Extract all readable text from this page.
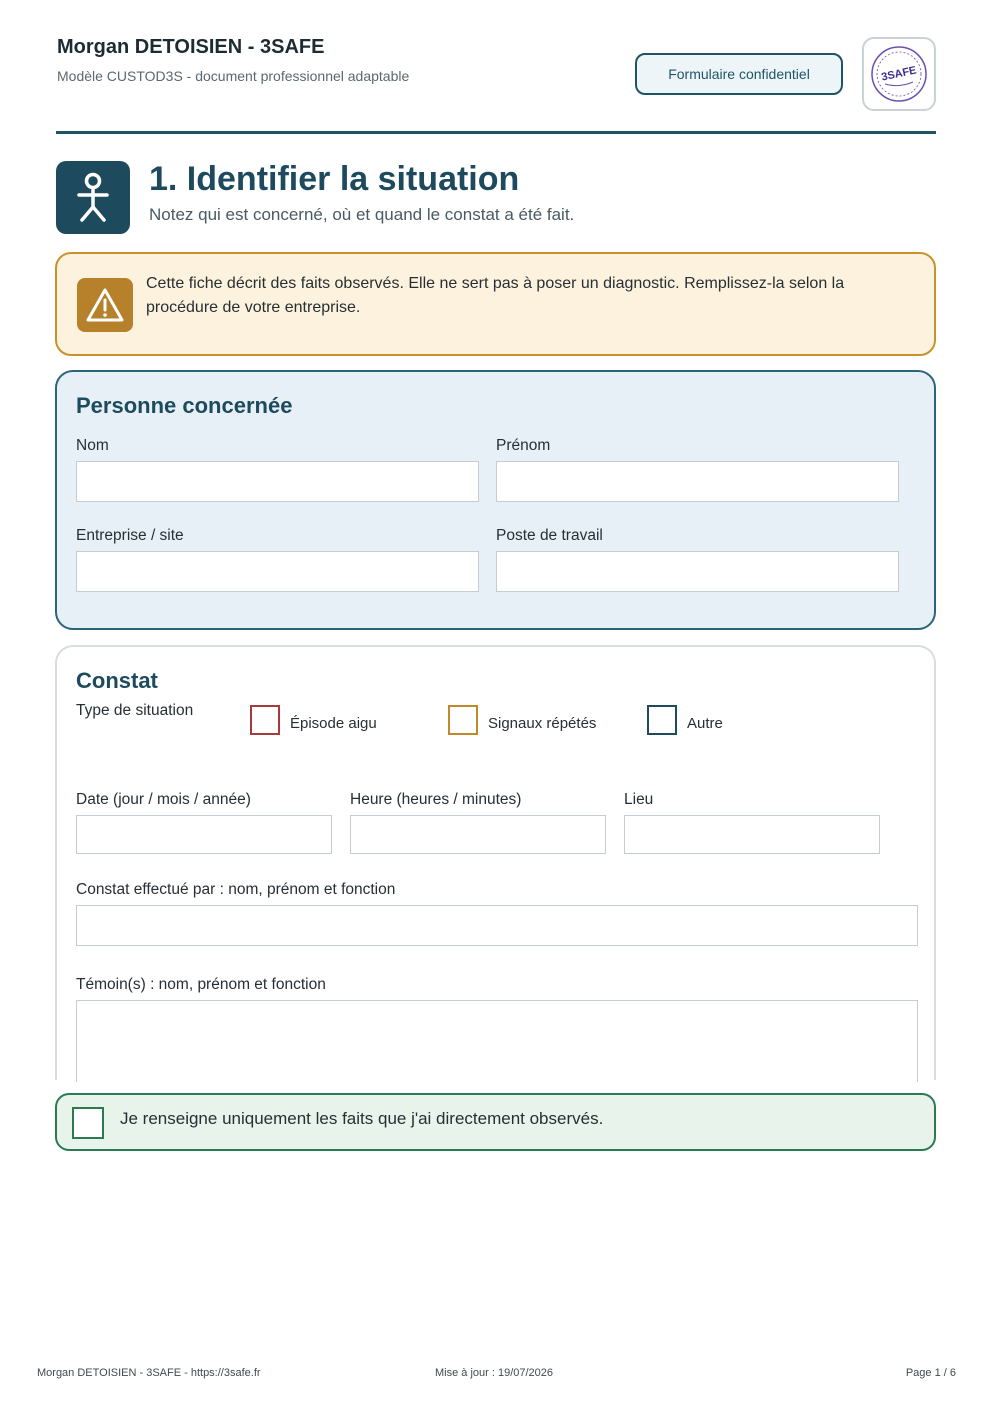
Morgan DETOISIEN - 3SAFE
Modèle CUSTOD3S - document professionnel adaptable	Formulaire confidentiel	3SAFE
1. Identifier la situation
Notez qui est concerné, où et quand le constat a été fait.
Cette fiche décrit des faits observés. Elle ne sert pas à poser un diagnostic. Remplissez-la selon la procédure de votre entreprise.
Personne concernée
Nom	Prénom
Entreprise / site	Poste de travail
Constat
Type de situation
Épisode aigu	Signaux répétés	Autre
Date (jour / mois / année)	Heure (heures / minutes)	Lieu
Constat effectué par : nom, prénom et fonction
Témoin(s) : nom, prénom et fonction
Je renseigne uniquement les faits que j'ai directement observés.
Morgan DETOISIEN - 3SAFE - https://3safe.fr	Mise à jour : 19/07/2026	Page 1 / 6
